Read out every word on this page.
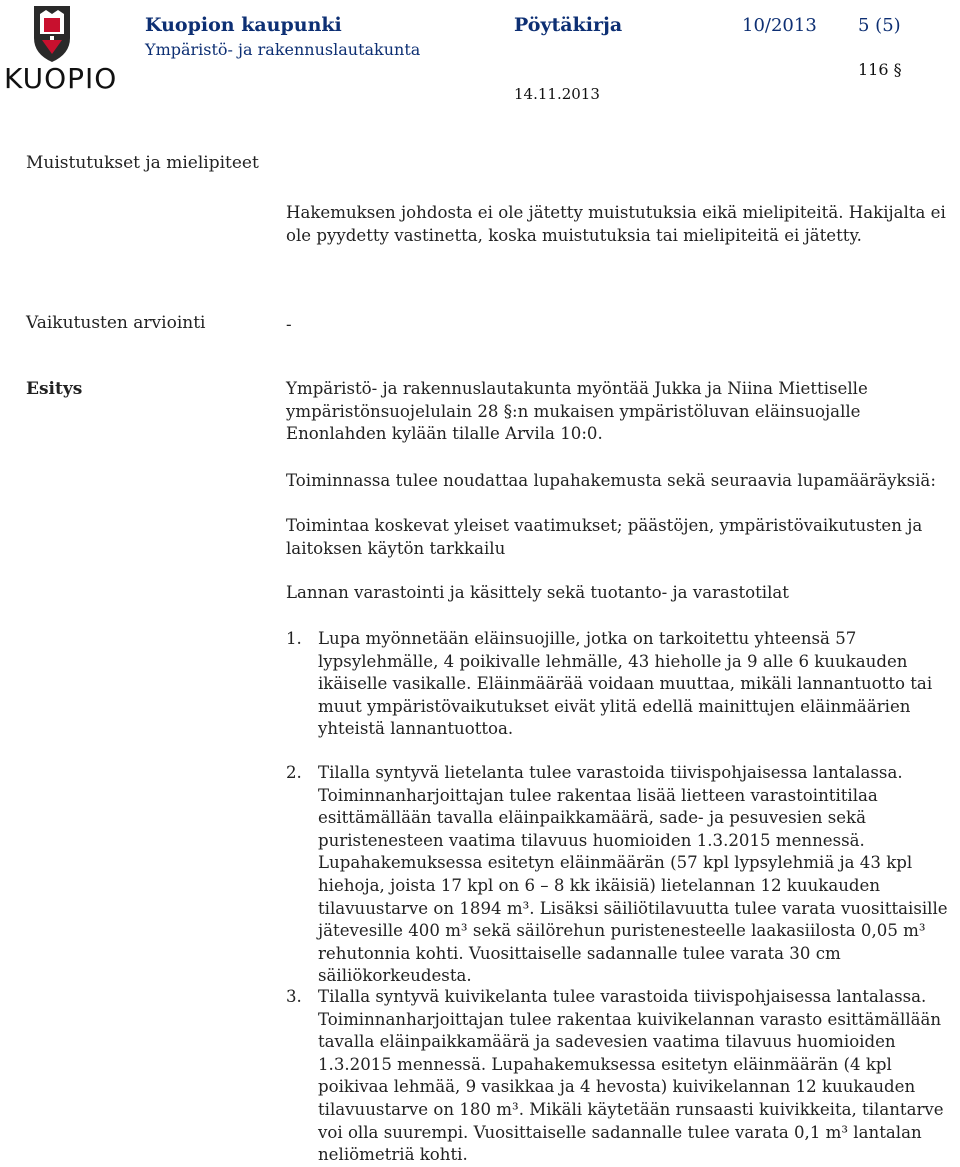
KUOPIO
Kuopion kaupunki
Ympäristö- ja rakennuslautakunta
Pöytäkirja	10/2013 5 (5)
116 §
14.11.2013
Muistutukset ja mielipiteet

Hakemuksen johdosta ei ole jätetty muistutuksia eikä mielipiteitä. Hakijalta ei ole pyydetty vastinetta, koska muistutuksia tai mielipiteitä ei jätetty.

Vaikutusten arviointi	-

Esitys	Ympäristö- ja rakennuslautakunta myöntää Jukka ja Niina Miettiselle ympäristönsuojelulain 28 §:n mukaisen ympäristöluvan eläinsuojalle Enonlahden kylään tilalle Arvila 10:0.

Toiminnassa tulee noudattaa lupahakemusta sekä seuraavia lupamääräyksiä:

Toimintaa koskevat yleiset vaatimukset; päästöjen, ympäristövaikutusten ja laitoksen käytön tarkkailu

Lannan varastointi ja käsittely sekä tuotanto- ja varastotilat

1. Lupa myönnetään eläinsuojille, jotka on tarkoitettu yhteensä 57 lypsylehmälle, 4 poikivalle lehmälle, 43 hieholle ja 9 alle 6 kuukauden ikäiselle vasikalle. Eläinmäärää voidaan muuttaa, mikäli lannantuotto tai muut ympäristövaikutukset eivät ylitä edellä mainittujen eläinmäärien yhteistä lannantuottoa.
2. Tilalla syntyvä lietelanta tulee varastoida tiivispohjaisessa lantalassa. Toiminnanharjoittajan tulee rakentaa lisää lietteen varastointitilaa esittämällään tavalla eläinpaikkamäärä, sade- ja pesuvesien sekä puristenesteen vaatima tilavuus huomioiden 1.3.2015 mennessä. Lupahakemuksessa esitetyn eläinmäärän (57 kpl lypsylehmiä ja 43 kpl hiehoja, joista 17 kpl on 6 – 8 kk ikäisiä) lietelannan 12 kuukauden tilavuustarve on 1894 m³. Lisäksi säiliötilavuutta tulee varata vuosittaisille jätevesille 400 m³ sekä säilörehun puristenesteelle laakasiilosta 0,05 m³ rehutonnia kohti. Vuosittaiselle sadannalle tulee varata 30 cm säiliökorkeudesta.
3. Tilalla syntyvä kuivikelanta tulee varastoida tiivispohjaisessa lantalassa. Toiminnanharjoittajan tulee rakentaa kuivikelannan varasto esittämällään tavalla eläinpaikkamäärä ja sadevesien vaatima tilavuus huomioiden 1.3.2015 mennessä. Lupahakemuksessa esitetyn eläinmäärän (4 kpl poikivaa lehmää, 9 vasikkaa ja 4 hevosta) kuivikelannan 12 kuukauden tilavuustarve on 180 m³. Mikäli käytetään runsaasti kuivikkeita, tilantarve voi olla suurempi. Vuosittaiselle sadannalle tulee varata 0,1 m³ lantalan neliömetriä kohti.
